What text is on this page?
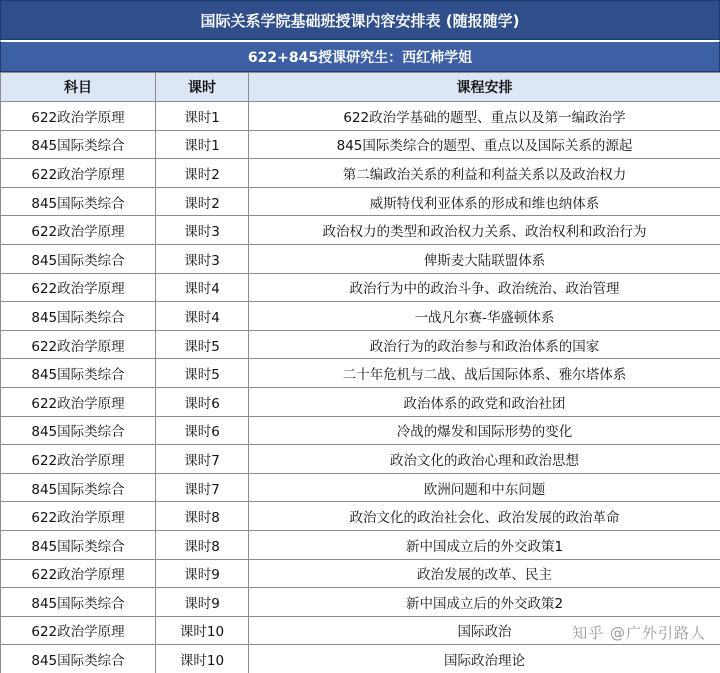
国际关系学院基础班授课内容安排表 (随报随学)
622+845授课研究生：西红柿学姐
科目	课时	课程安排
622政治学原理	课时1	622政治学基础的题型、重点以及第一编政治学
845国际类综合	课时1	845国际类综合的题型、重点以及国际关系的源起
622政治学原理	课时2	第二编政治关系的利益和利益关系以及政治权力
845国际类综合	课时2	威斯特伐利亚体系的形成和维也纳体系
622政治学原理	课时3	政治权力的类型和政治权力关系、政治权利和政治行为
845国际类综合	课时3	俾斯麦大陆联盟体系
622政治学原理	课时4	政治行为中的政治斗争、政治统治、政治管理
845国际类综合	课时4	一战凡尔赛-华盛顿体系
622政治学原理	课时5	政治行为的政治参与和政治体系的国家
845国际类综合	课时5	二十年危机与二战、战后国际体系、雅尔塔体系
622政治学原理	课时6	政治体系的政党和政治社团
845国际类综合	课时6	冷战的爆发和国际形势的变化
622政治学原理	课时7	政治文化的政治心理和政治思想
845国际类综合	课时7	欧洲问题和中东问题
622政治学原理	课时8	政治文化的政治社会化、政治发展的政治革命
845国际类综合	课时8	新中国成立后的外交政策1
622政治学原理	课时9	政治发展的改革、民主
845国际类综合	课时9	新中国成立后的外交政策2
622政治学原理	课时10	国际政治
845国际类综合	课时10	国际政治理论
知乎 @广外引路人
